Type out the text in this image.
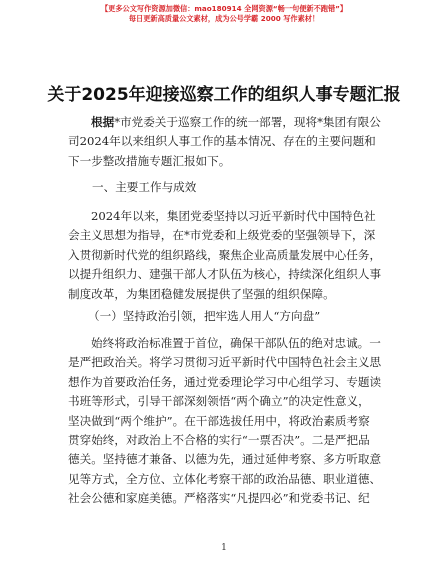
【更多公文写作资源加微信：mao180914 全网资源“畅一句便新不跑错”】
每日更新高质量公文素材，成为公号学霸 2000 写作素材！
关于2025年迎接巡察工作的组织人事专题汇报
根据*市党委关于巡察工作的统一部署，现将*集团有限公
司2024年以来组织人事工作的基本情况、存在的主要问题和
下一步整改措施专题汇报如下。
一、主要工作与成效
2024年以来，集团党委坚持以习近平新时代中国特色社
会主义思想为指导，在*市党委和上级党委的坚强领导下，深
入贯彻新时代党的组织路线，聚焦企业高质量发展中心任务，
以提升组织力、建强干部人才队伍为核心，持续深化组织人事
制度改革，为集团稳健发展提供了坚强的组织保障。
（一）坚持政治引领，把牢选人用人“方向盘”
始终将政治标准置于首位，确保干部队伍的绝对忠诚。一
是严把政治关。将学习贯彻习近平新时代中国特色社会主义思
想作为首要政治任务，通过党委理论学习中心组学习、专题读
书班等形式，引导干部深刻领悟“两个确立”的决定性意义，
坚决做到“两个维护”。在干部选拔任用中，将政治素质考察
贯穿始终，对政治上不合格的实行“一票否决”。二是严把品
德关。坚持德才兼备、以德为先，通过延伸考察、多方听取意
见等方式，全方位、立体化考察干部的政治品德、职业道德、
社会公德和家庭美德。严格落实“凡提四必”和党委书记、纪
1
